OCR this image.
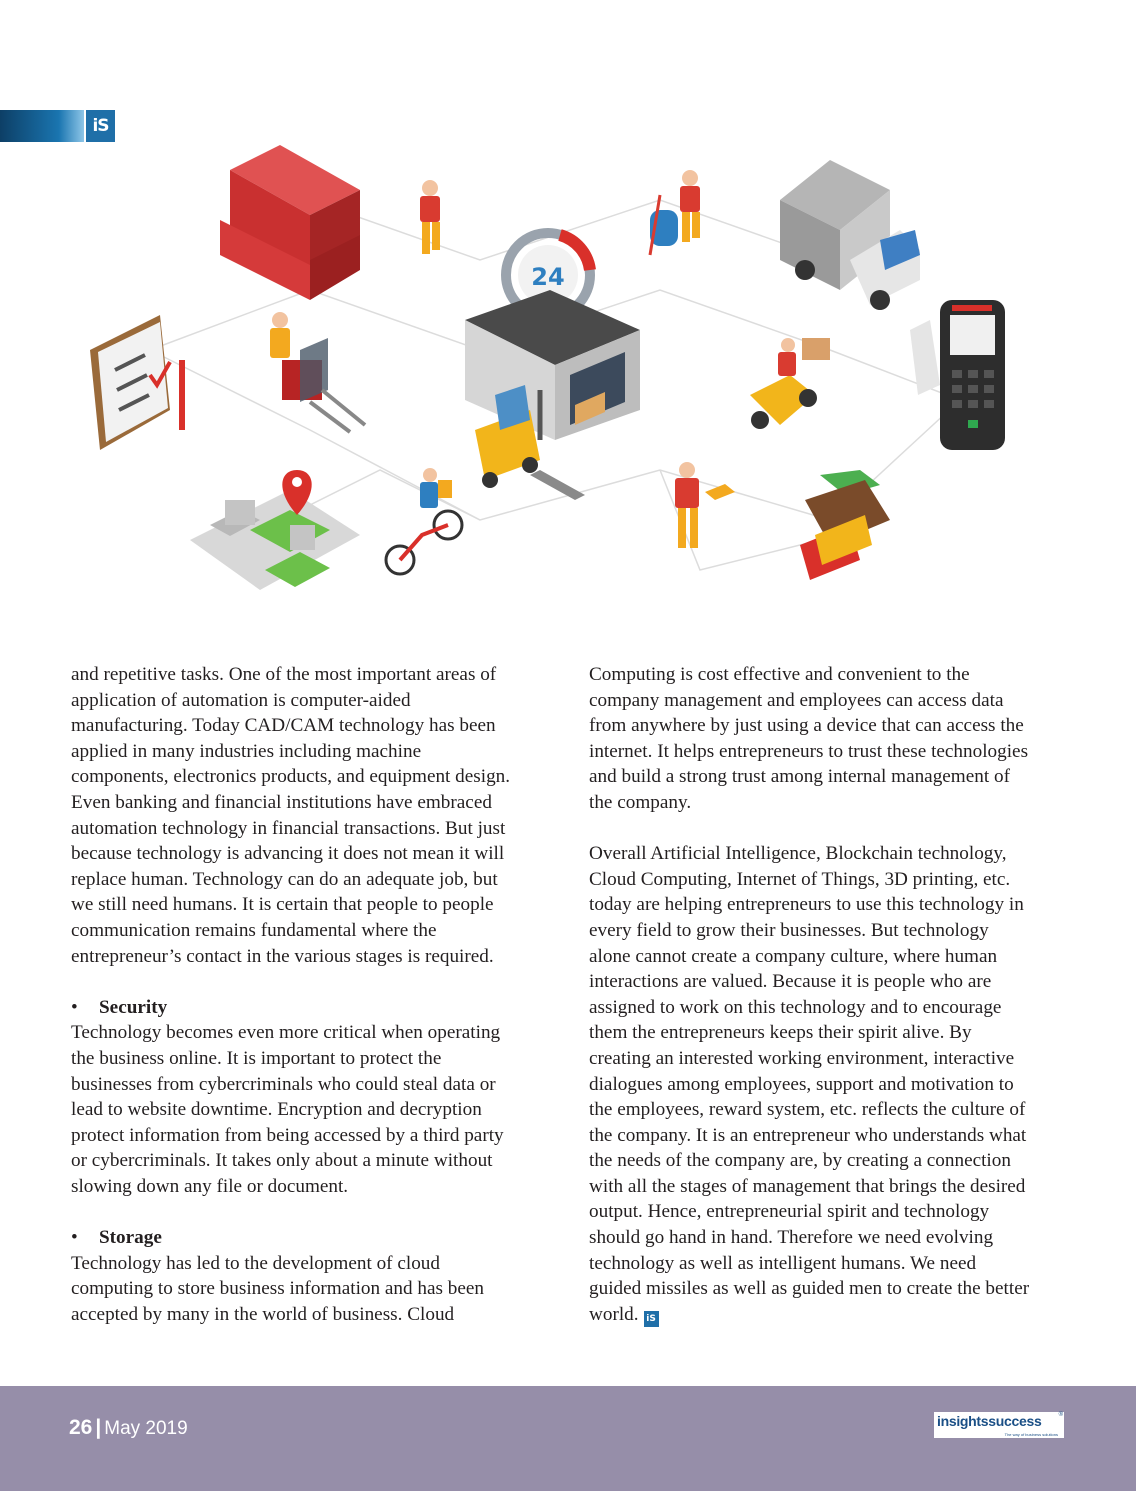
iS
24

and repetitive tasks. One of the most important areas of
application of automation is computer-aided
manufacturing. Today CAD/CAM technology has been
applied in many industries including machine
components, electronics products, and equipment design.
Even banking and financial institutions have embraced
automation technology in financial transactions. But just
because technology is advancing it does not mean it will
replace human. Technology can do an adequate job, but
we still need humans. It is certain that people to people
communication remains fundamental where the
entrepreneur’s contact in the various stages is required.

• Security

Technology becomes even more critical when operating
the business online. It is important to protect the
businesses from cybercriminals who could steal data or
lead to website downtime. Encryption and decryption
protect information from being accessed by a third party
or cybercriminals. It takes only about a minute without
slowing down any file or document.

• Storage

Technology has led to the development of cloud
computing to store business information and has been
accepted by many in the world of business. Cloud

Computing is cost effective and convenient to the
company management and employees can access data
from anywhere by just using a device that can access the
internet. It helps entrepreneurs to trust these technologies
and build a strong trust among internal management of
the company.

Overall Artificial Intelligence, Blockchain technology,
Cloud Computing, Internet of Things, 3D printing, etc.
today are helping entrepreneurs to use this technology in
every field to grow their businesses. But technology
alone cannot create a company culture, where human
interactions are valued. Because it is people who are
assigned to work on this technology and to encourage
them the entrepreneurs keeps their spirit alive. By
creating an interested working environment, interactive
dialogues among employees, support and motivation to
the employees, reward system, etc. reflects the culture of
the company. It is an entrepreneur who understands what
the needs of the company are, by creating a connection
with all the stages of management that brings the desired
output. Hence, entrepreneurial spirit and technology
should go hand in hand. Therefore we need evolving
technology as well as intelligent humans. We need
guided missiles as well as guided men to create the better
world. iS

26 | May 2019	insightssuccess	®
The way of business solutions
